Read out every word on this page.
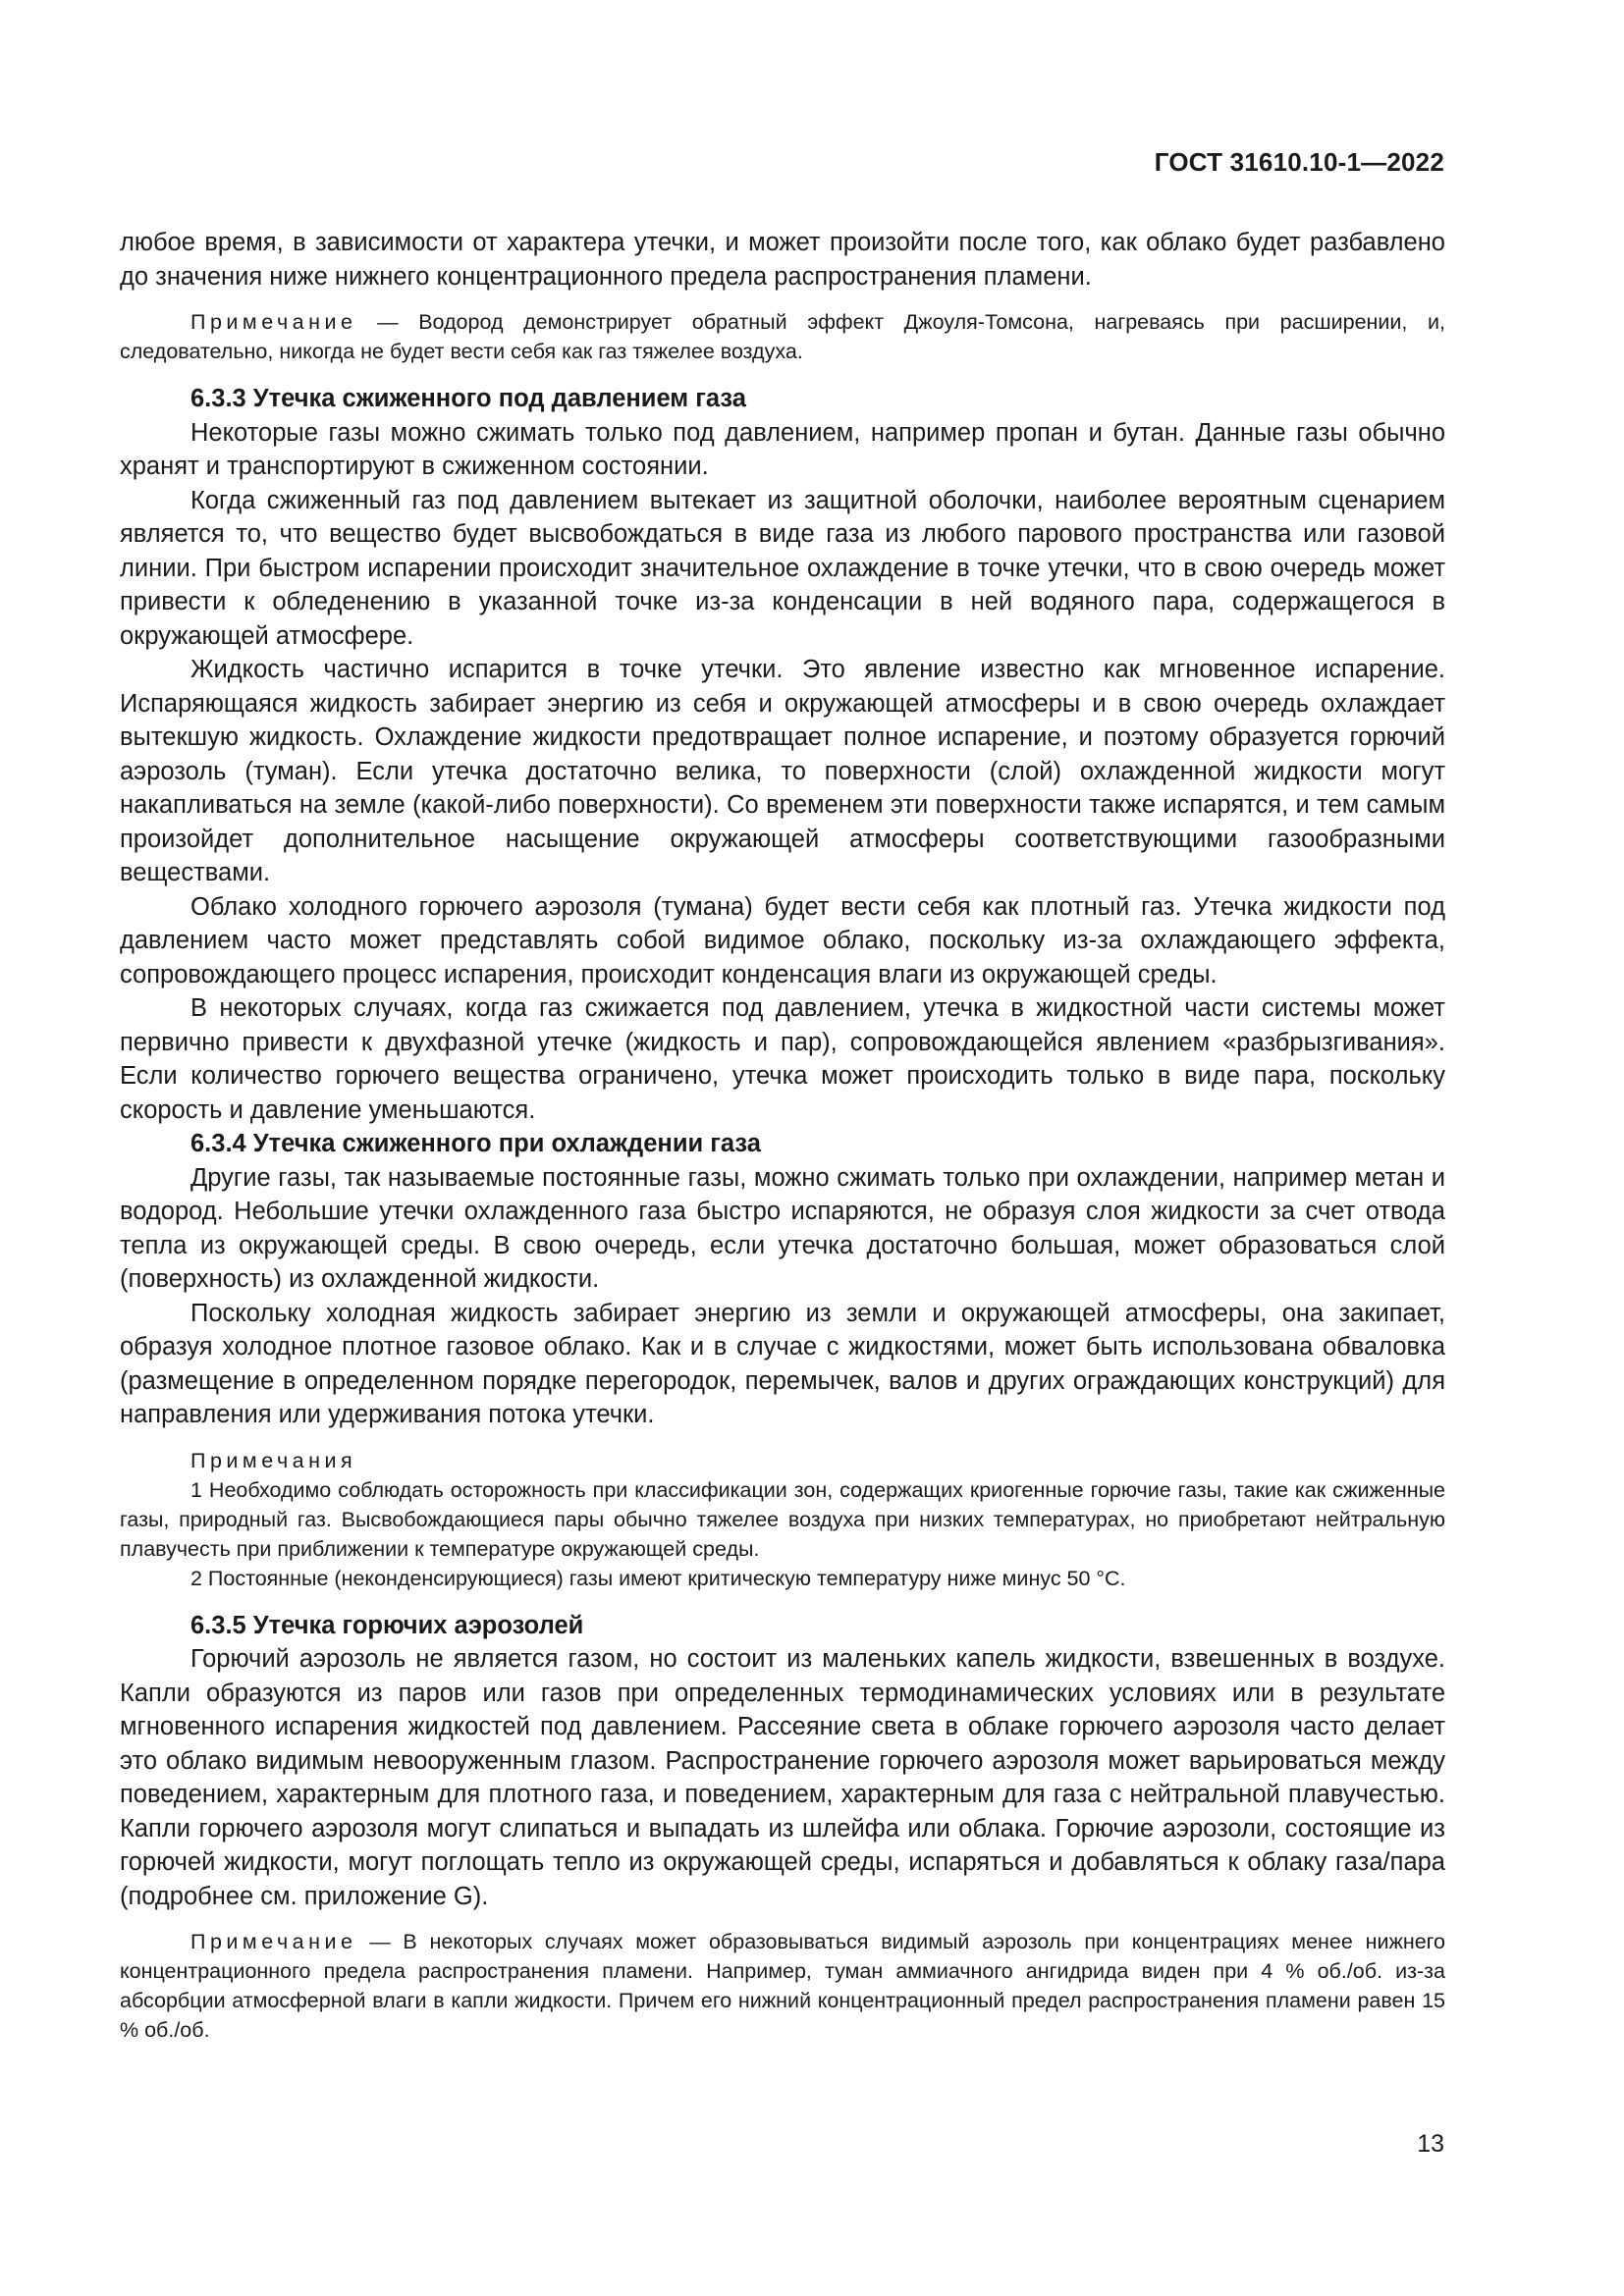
ГОСТ 31610.10-1—2022

любое время, в зависимости от характера утечки, и может произойти после того, как облако будет разбавлено до значения ниже нижнего концентрационного предела распространения пламени.

Примечание — Водород демонстрирует обратный эффект Джоуля-Томсона, нагреваясь при расширении, и, следовательно, никогда не будет вести себя как газ тяжелее воздуха.

6.3.3 Утечка сжиженного под давлением газа

Некоторые газы можно сжимать только под давлением, например пропан и бутан. Данные газы обычно хранят и транспортируют в сжиженном состоянии.

Когда сжиженный газ под давлением вытекает из защитной оболочки, наиболее вероятным сценарием является то, что вещество будет высвобождаться в виде газа из любого парового пространства или газовой линии. При быстром испарении происходит значительное охлаждение в точке утечки, что в свою очередь может привести к обледенению в указанной точке из-за конденсации в ней водяного пара, содержащегося в окружающей атмосфере.

Жидкость частично испарится в точке утечки. Это явление известно как мгновенное испарение. Испаряющаяся жидкость забирает энергию из себя и окружающей атмосферы и в свою очередь охлаждает вытекшую жидкость. Охлаждение жидкости предотвращает полное испарение, и поэтому образуется горючий аэрозоль (туман). Если утечка достаточно велика, то поверхности (слой) охлажденной жидкости могут накапливаться на земле (какой-либо поверхности). Со временем эти поверхности также испарятся, и тем самым произойдет дополнительное насыщение окружающей атмосферы соответствующими газообразными веществами.

Облако холодного горючего аэрозоля (тумана) будет вести себя как плотный газ. Утечка жидкости под давлением часто может представлять собой видимое облако, поскольку из-за охлаждающего эффекта, сопровождающего процесс испарения, происходит конденсация влаги из окружающей среды.

В некоторых случаях, когда газ сжижается под давлением, утечка в жидкостной части системы может первично привести к двухфазной утечке (жидкость и пар), сопровождающейся явлением «разбрызгивания». Если количество горючего вещества ограничено, утечка может происходить только в виде пара, поскольку скорость и давление уменьшаются.

6.3.4 Утечка сжиженного при охлаждении газа

Другие газы, так называемые постоянные газы, можно сжимать только при охлаждении, например метан и водород. Небольшие утечки охлажденного газа быстро испаряются, не образуя слоя жидкости за счет отвода тепла из окружающей среды. В свою очередь, если утечка достаточно большая, может образоваться слой (поверхность) из охлажденной жидкости.

Поскольку холодная жидкость забирает энергию из земли и окружающей атмосферы, она закипает, образуя холодное плотное газовое облако. Как и в случае с жидкостями, может быть использована обваловка (размещение в определенном порядке перегородок, перемычек, валов и других ограждающих конструкций) для направления или удерживания потока утечки.

Примечания

1 Необходимо соблюдать осторожность при классификации зон, содержащих криогенные горючие газы, такие как сжиженные газы, природный газ. Высвобождающиеся пары обычно тяжелее воздуха при низких температурах, но приобретают нейтральную плавучесть при приближении к температуре окружающей среды.

2 Постоянные (неконденсирующиеся) газы имеют критическую температуру ниже минус 50 °С.

6.3.5 Утечка горючих аэрозолей

Горючий аэрозоль не является газом, но состоит из маленьких капель жидкости, взвешенных в воздухе. Капли образуются из паров или газов при определенных термодинамических условиях или в результате мгновенного испарения жидкостей под давлением. Рассеяние света в облаке горючего аэрозоля часто делает это облако видимым невооруженным глазом. Распространение горючего аэрозоля может варьироваться между поведением, характерным для плотного газа, и поведением, характерным для газа с нейтральной плавучестью. Капли горючего аэрозоля могут слипаться и выпадать из шлейфа или облака. Горючие аэрозоли, состоящие из горючей жидкости, могут поглощать тепло из окружающей среды, испаряться и добавляться к облаку газа/пара (подробнее см. приложение G).

Примечание — В некоторых случаях может образовываться видимый аэрозоль при концентрациях менее нижнего концентрационного предела распространения пламени. Например, туман аммиачного ангидрида виден при 4 % об./об. из-за абсорбции атмосферной влаги в капли жидкости. Причем его нижний концентрационный предел распространения пламени равен 15 % об./об.

13
